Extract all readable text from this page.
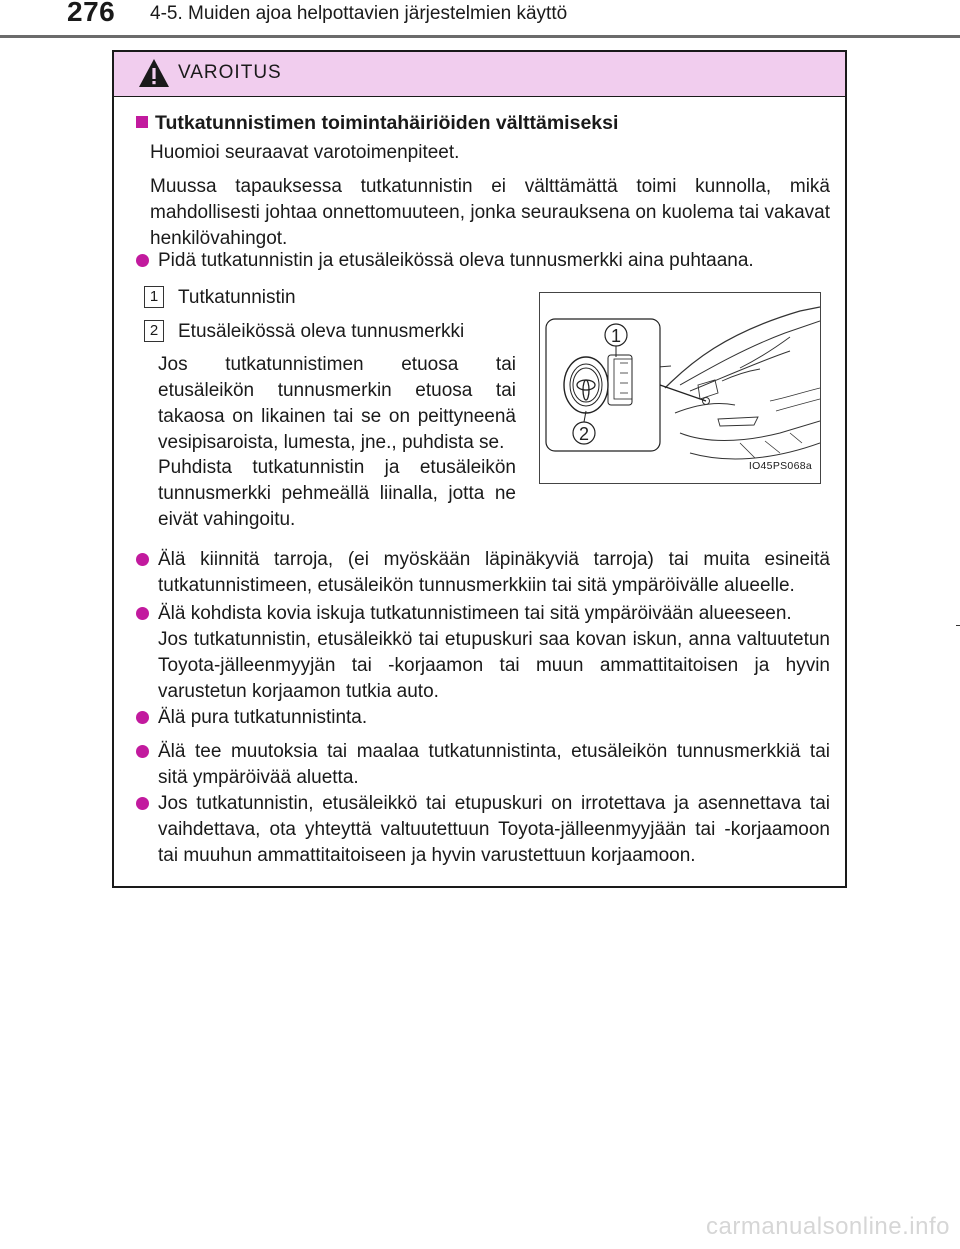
276 4-5. Muiden ajoa helpottavien järjestelmien käyttö
VAROITUS
Tutkatunnistimen toimintahäiriöiden välttämiseksi
Huomioi seuraavat varotoimenpiteet.
Muussa tapauksessa tutkatunnistin ei välttämättä toimi kunnolla, mikä mahdollisesti johtaa onnettomuuteen, jonka seurauksena on kuolema tai vakavat henkilövahingot.
Pidä tutkatunnistin ja etusäleikössä oleva tunnusmerkki aina puhtaana.
1 Tutkatunnistin
2 Etusäleikössä oleva tunnusmerkki
Jos tutkatunnistimen etuosa tai etusäleikön tunnusmerkin etuosa tai takaosa on likainen tai se on peittyneenä vesipisaroista, lumesta, jne., puhdista se.
Puhdista tutkatunnistin ja etusäleikön tunnusmerkki pehmeällä liinalla, jotta ne eivät vahingoitu.
1
2
IO45PS068a
Älä kiinnitä tarroja, (ei myöskään läpinäkyviä tarroja) tai muita esineitä tutkatunnistimeen, etusäleikön tunnusmerkkiin tai sitä ympäröivälle alueelle.
Älä kohdista kovia iskuja tutkatunnistimeen tai sitä ympäröivään alueeseen.
Jos tutkatunnistin, etusäleikkö tai etupuskuri saa kovan iskun, anna valtuutetun Toyota-jälleenmyyjän tai -korjaamon tai muun ammattitaitoisen ja hyvin varustetun korjaamon tutkia auto.
Älä pura tutkatunnistinta.
Älä tee muutoksia tai maalaa tutkatunnistinta, etusäleikön tunnusmerkkiä tai sitä ympäröivää aluetta.
Jos tutkatunnistin, etusäleikkö tai etupuskuri on irrotettava ja asennettava tai vaihdettava, ota yhteyttä valtuutettuun Toyota-jälleenmyyjään tai -korjaamoon tai muuhun ammattitaitoiseen ja hyvin varustettuun korjaamoon.
carmanualsonline.info
